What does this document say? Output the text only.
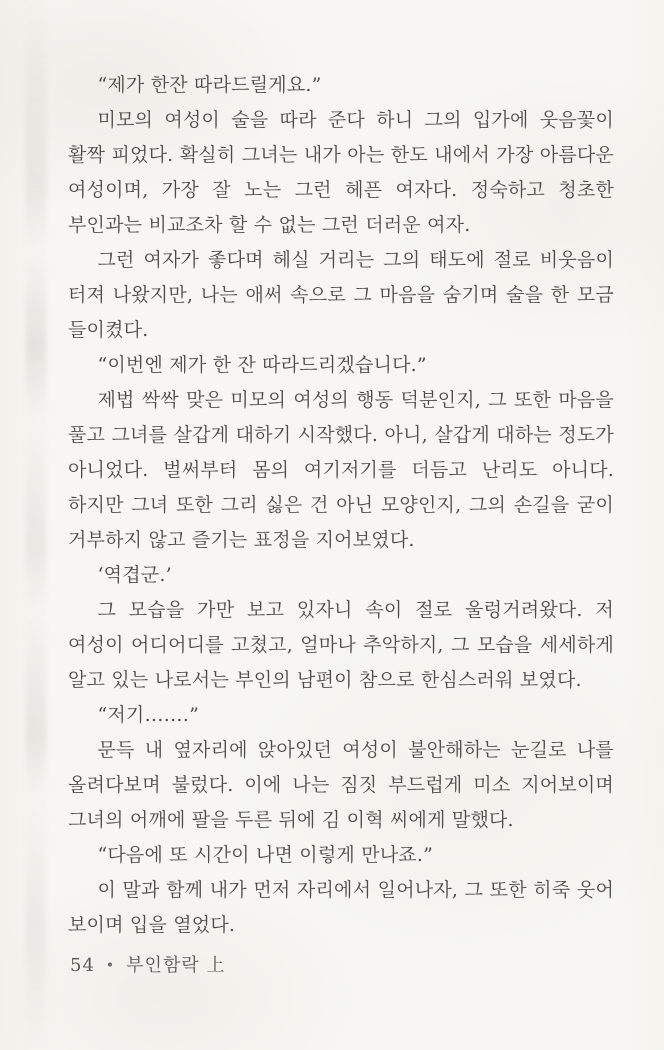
“제가 한잔 따라드릴게요.”

미모의 여성이 술을 따라 준다 하니 그의 입가에 웃음꽃이 활짝 피었다. 확실히 그녀는 내가 아는 한도 내에서 가장 아름다운 여성이며, 가장 잘 노는 그런 헤픈 여자다. 정숙하고 청초한 부인과는 비교조차 할 수 없는 그런 더러운 여자.

그런 여자가 좋다며 헤실 거리는 그의 태도에 절로 비웃음이 터져 나왔지만, 나는 애써 속으로 그 마음을 숨기며 술을 한 모금 들이켰다.

“이번엔 제가 한 잔 따라드리겠습니다.”

제법 싹싹 맞은 미모의 여성의 행동 덕분인지, 그 또한 마음을 풀고 그녀를 살갑게 대하기 시작했다. 아니, 살갑게 대하는 정도가 아니었다. 벌써부터 몸의 여기저기를 더듬고 난리도 아니다. 하지만 그녀 또한 그리 싫은 건 아닌 모양인지, 그의 손길을 굳이 거부하지 않고 즐기는 표정을 지어보였다.

‘역겹군.’

그 모습을 가만 보고 있자니 속이 절로 울렁거려왔다. 저 여성이 어디어디를 고쳤고, 얼마나 추악하지, 그 모습을 세세하게 알고 있는 나로서는 부인의 남편이 참으로 한심스러워 보였다.

“저기…….”

문득 내 옆자리에 앉아있던 여성이 불안해하는 눈길로 나를 올려다보며 불렀다. 이에 나는 짐짓 부드럽게 미소 지어보이며 그녀의 어깨에 팔을 두른 뒤에 김 이혁 씨에게 말했다.

“다음에 또 시간이 나면 이렇게 만나죠.”

이 말과 함께 내가 먼저 자리에서 일어나자, 그 또한 히죽 웃어 보이며 입을 열었다.

54 • 부인함락 上
